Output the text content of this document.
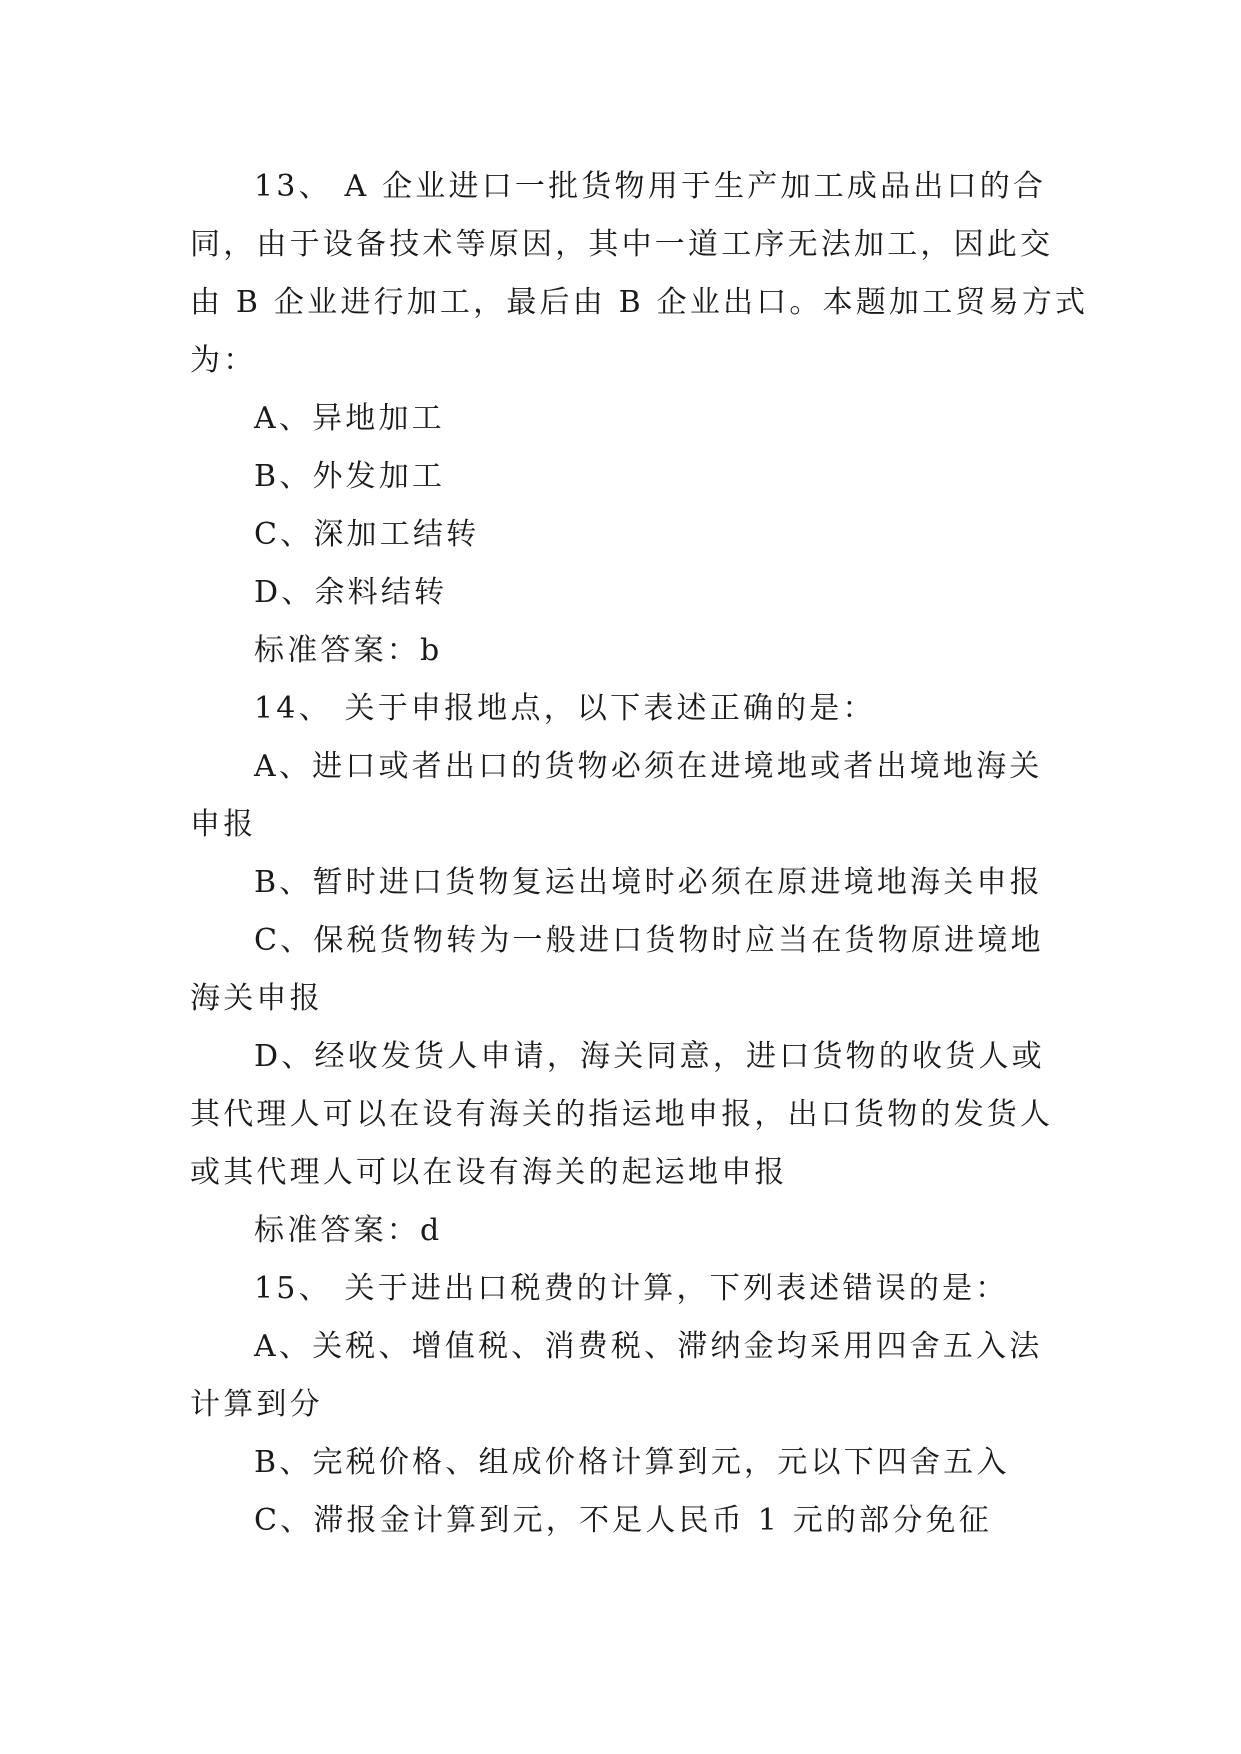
13、 A 企业进口一批货物用于生产加工成品出口的合
同，由于设备技术等原因，其中一道工序无法加工，因此交
由 B 企业进行加工，最后由 B 企业出口。本题加工贸易方式
为：
A、异地加工
B、外发加工
C、深加工结转
D、余料结转
标准答案：b
14、 关于申报地点，以下表述正确的是：
A、进口或者出口的货物必须在进境地或者出境地海关
申报
B、暂时进口货物复运出境时必须在原进境地海关申报
C、保税货物转为一般进口货物时应当在货物原进境地
海关申报
D、经收发货人申请，海关同意，进口货物的收货人或
其代理人可以在设有海关的指运地申报，出口货物的发货人
或其代理人可以在设有海关的起运地申报
标准答案：d
15、 关于进出口税费的计算，下列表述错误的是：
A、关税、增值税、消费税、滞纳金均采用四舍五入法
计算到分
B、完税价格、组成价格计算到元，元以下四舍五入
C、滞报金计算到元，不足人民币 1 元的部分免征
